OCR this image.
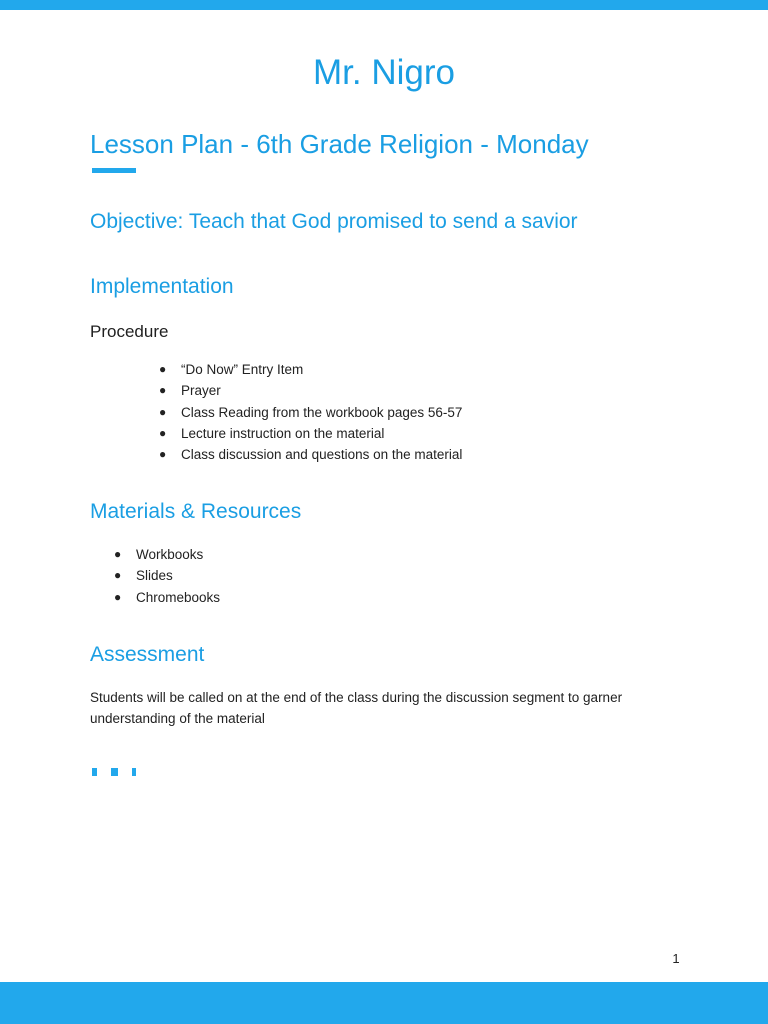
Mr. Nigro
Lesson Plan - 6th Grade Religion - Monday
Objective: Teach that God promised to send a savior
Implementation
Procedure
● “Do Now” Entry Item
● Prayer
● Class Reading from the workbook pages 56-57
● Lecture instruction on the material
● Class discussion and questions on the material
Materials & Resources
● Workbooks
● Slides
● Chromebooks
Assessment

Students will be called on at the end of the class during the discussion segment to garner understanding of the material

1
